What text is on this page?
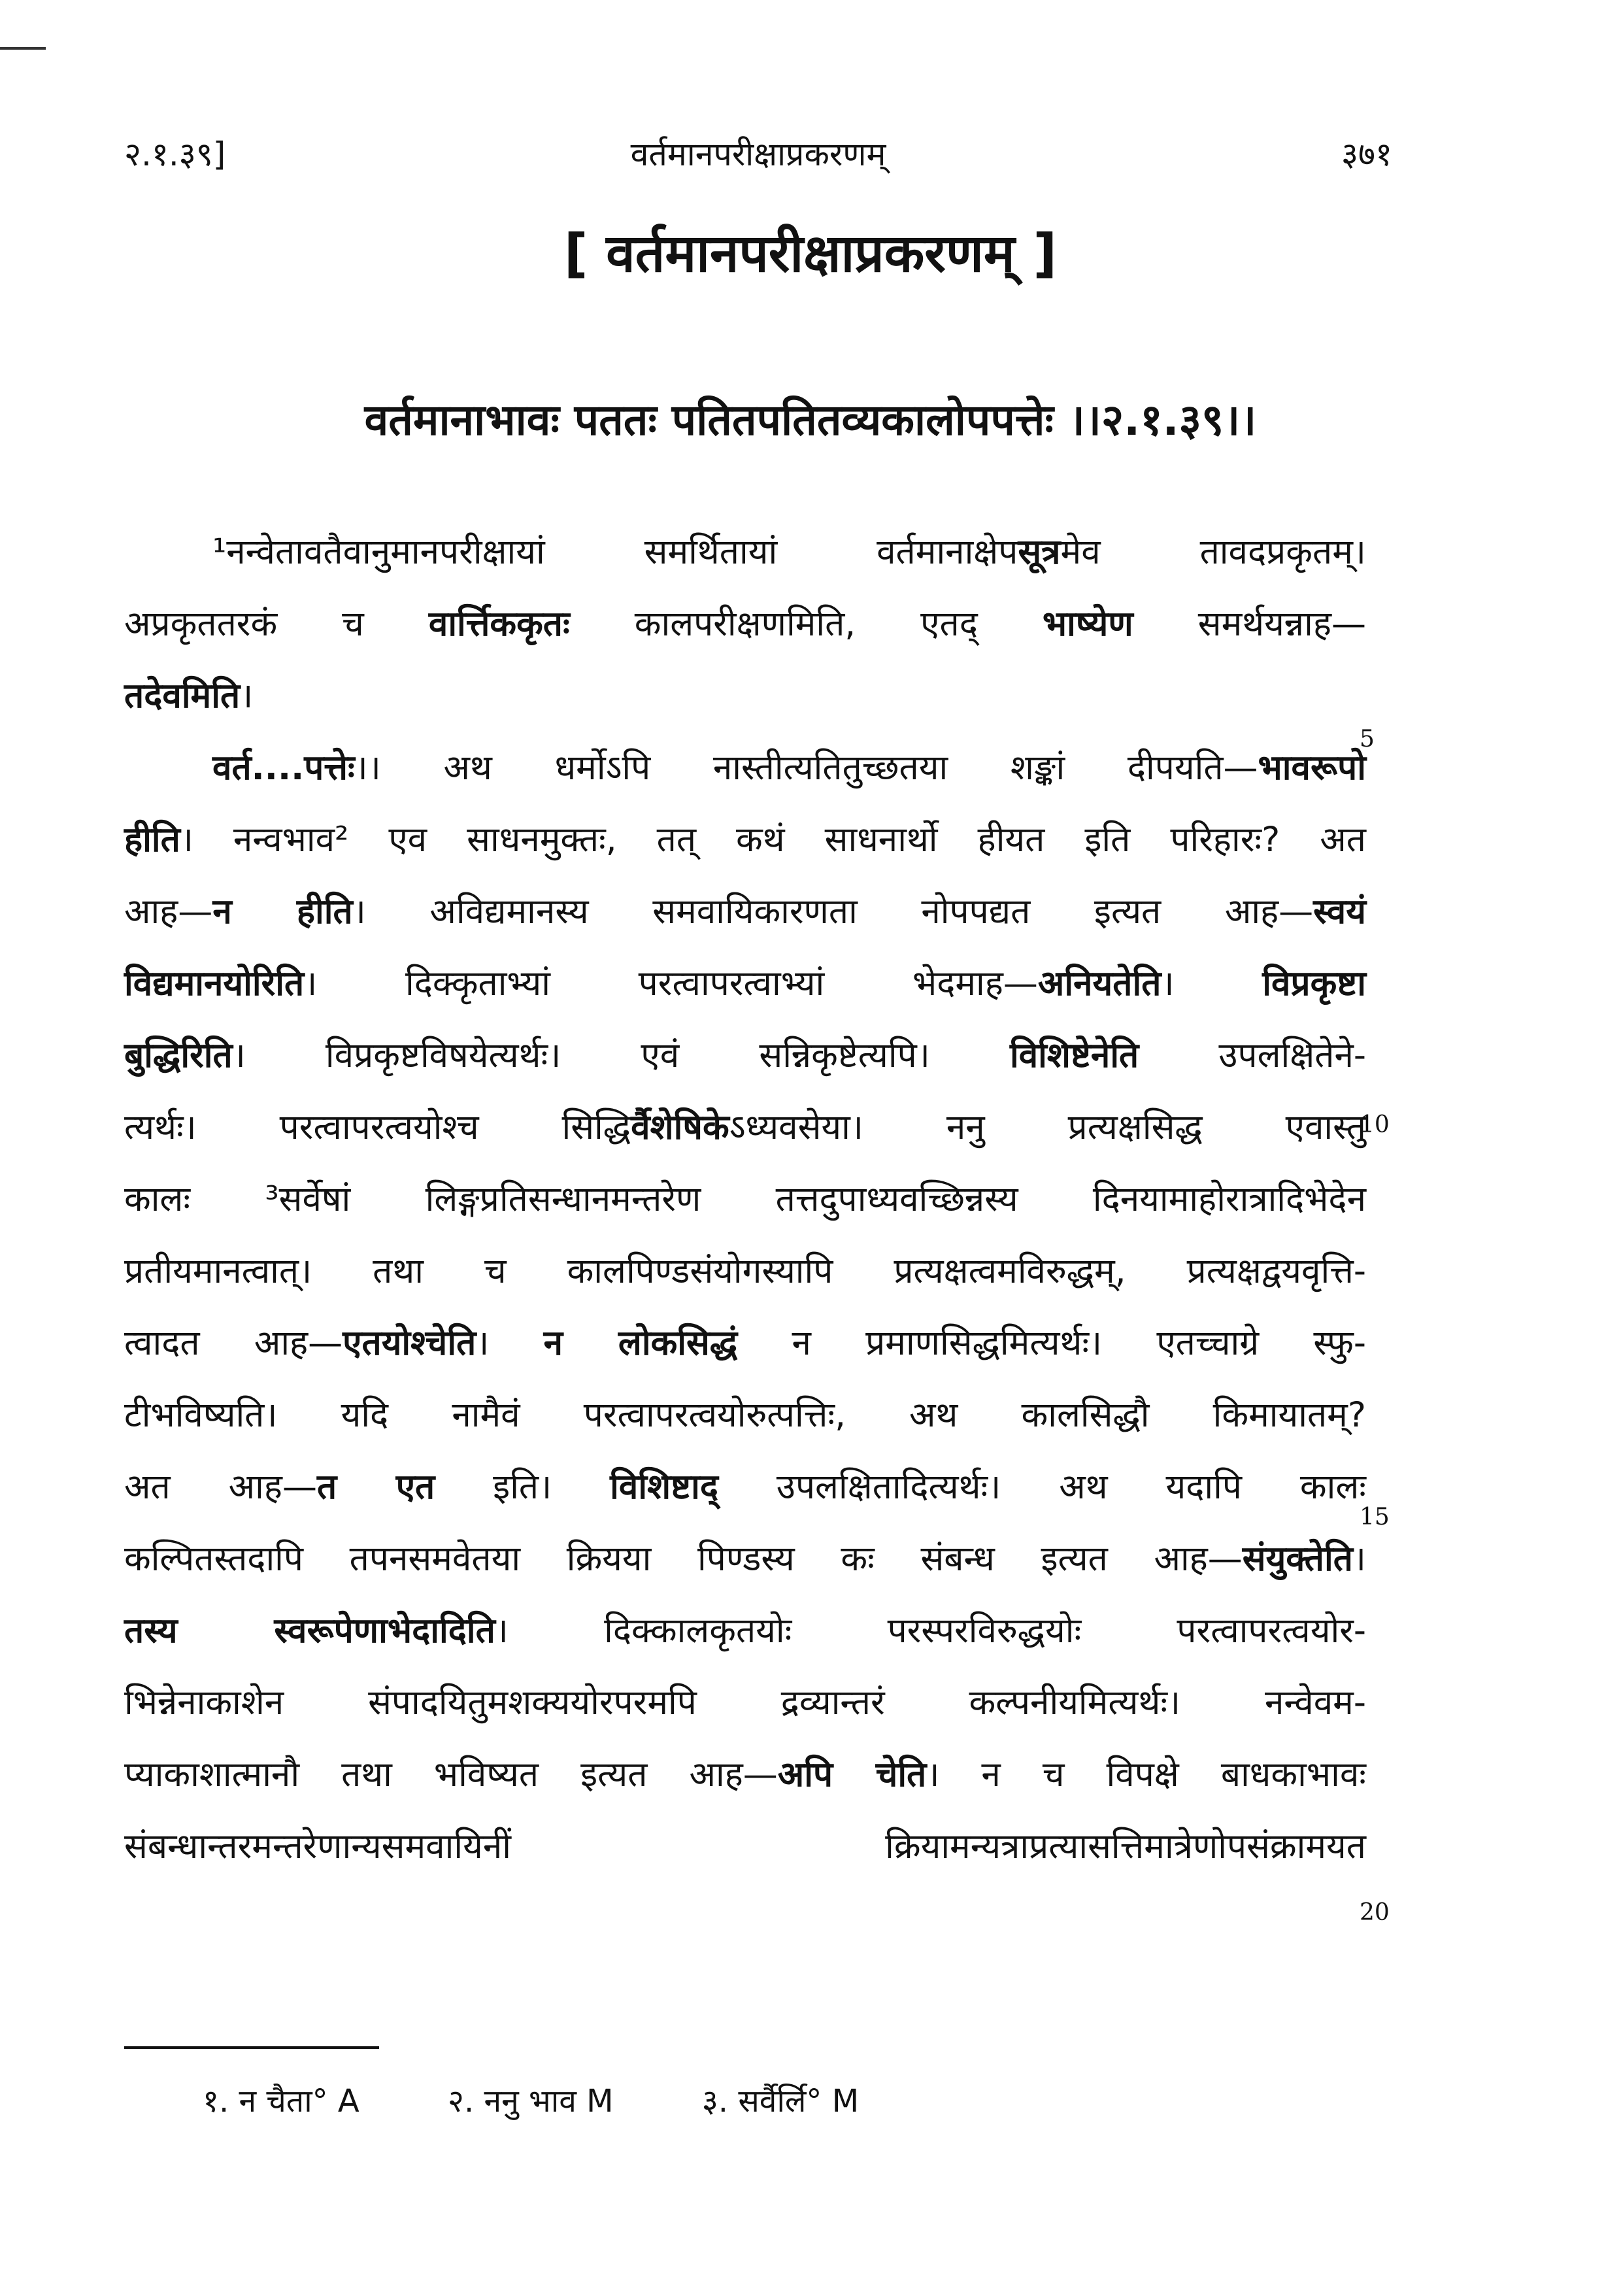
२.१.३९]	वर्तमानपरीक्षाप्रकरणम्	३७१
[ वर्तमानपरीक्षाप्रकरणम् ]
वर्तमानाभावः पततः पतितपतितव्यकालोपपत्तेः ।।२.१.३९।।
¹नन्वेतावतैवानुमानपरीक्षायां समर्थितायां वर्तमानाक्षेपसूत्रमेव तावदप्रकृतम्।
अप्रकृततरकं च वार्त्तिककृतः कालपरीक्षणमिति, एतद् भाष्येण समर्थयन्नाह—
तदेवमिति।
वर्त....पत्तेः।। अथ धर्मोऽपि नास्तीत्यतितुच्छतया शङ्कां दीपयति—भावरूपो
हीति। नन्वभाव² एव साधनमुक्तः, तत् कथं साधनार्थो हीयत इति परिहारः? अत
आह—न हीति। अविद्यमानस्य समवायिकारणता नोपपद्यत इत्यत आह—स्वयं
विद्यमानयोरिति। दिक्कृताभ्यां परत्वापरत्वाभ्यां भेदमाह—अनियतेति। विप्रकृष्टा
बुद्धिरिति। विप्रकृष्टविषयेत्यर्थः। एवं सन्निकृष्टेत्यपि। विशिष्टेनेति उपलक्षितेने-
त्यर्थः। परत्वापरत्वयोश्च सिद्धिर्वैशेषिकेऽध्यवसेया। ननु प्रत्यक्षसिद्ध एवास्तु
कालः ³सर्वेषां लिङ्गप्रतिसन्धानमन्तरेण तत्तदुपाध्यवच्छिन्नस्य दिनयामाहोरात्रादिभेदेन
प्रतीयमानत्वात्। तथा च कालपिण्डसंयोगस्यापि प्रत्यक्षत्वमविरुद्धम्, प्रत्यक्षद्वयवृत्ति-
त्वादत आह—एतयोश्चेति। न लोकसिद्धं न प्रमाणसिद्धमित्यर्थः। एतच्चाग्रे स्फु-
टीभविष्यति। यदि नामैवं परत्वापरत्वयोरुत्पत्तिः, अथ कालसिद्धौ किमायातम्?
अत आह—त एत इति। विशिष्टाद् उपलक्षितादित्यर्थः। अथ यदापि कालः
कल्पितस्तदापि तपनसमवेतया क्रियया पिण्डस्य कः संबन्ध इत्यत आह—संयुक्तेति।
तस्य स्वरूपेणाभेदादिति। दिक्कालकृतयोः परस्परविरुद्धयोः परत्वापरत्वयोर-
भिन्नेनाकाशेन संपादयितुमशक्ययोरपरमपि द्रव्यान्तरं कल्पनीयमित्यर्थः। नन्वेवम-
प्याकाशात्मानौ तथा भविष्यत इत्यत आह—अपि चेति। न च विपक्षे बाधकाभावः
संबन्धान्तरमन्तरेणान्यसमवायिनीं क्रियामन्यत्राप्रत्यासत्तिमात्रेणोपसंक्रामयत
5
10
15
20
१. न चैता° A	२. ननु भाव M	३. सर्वैर्लि° M
